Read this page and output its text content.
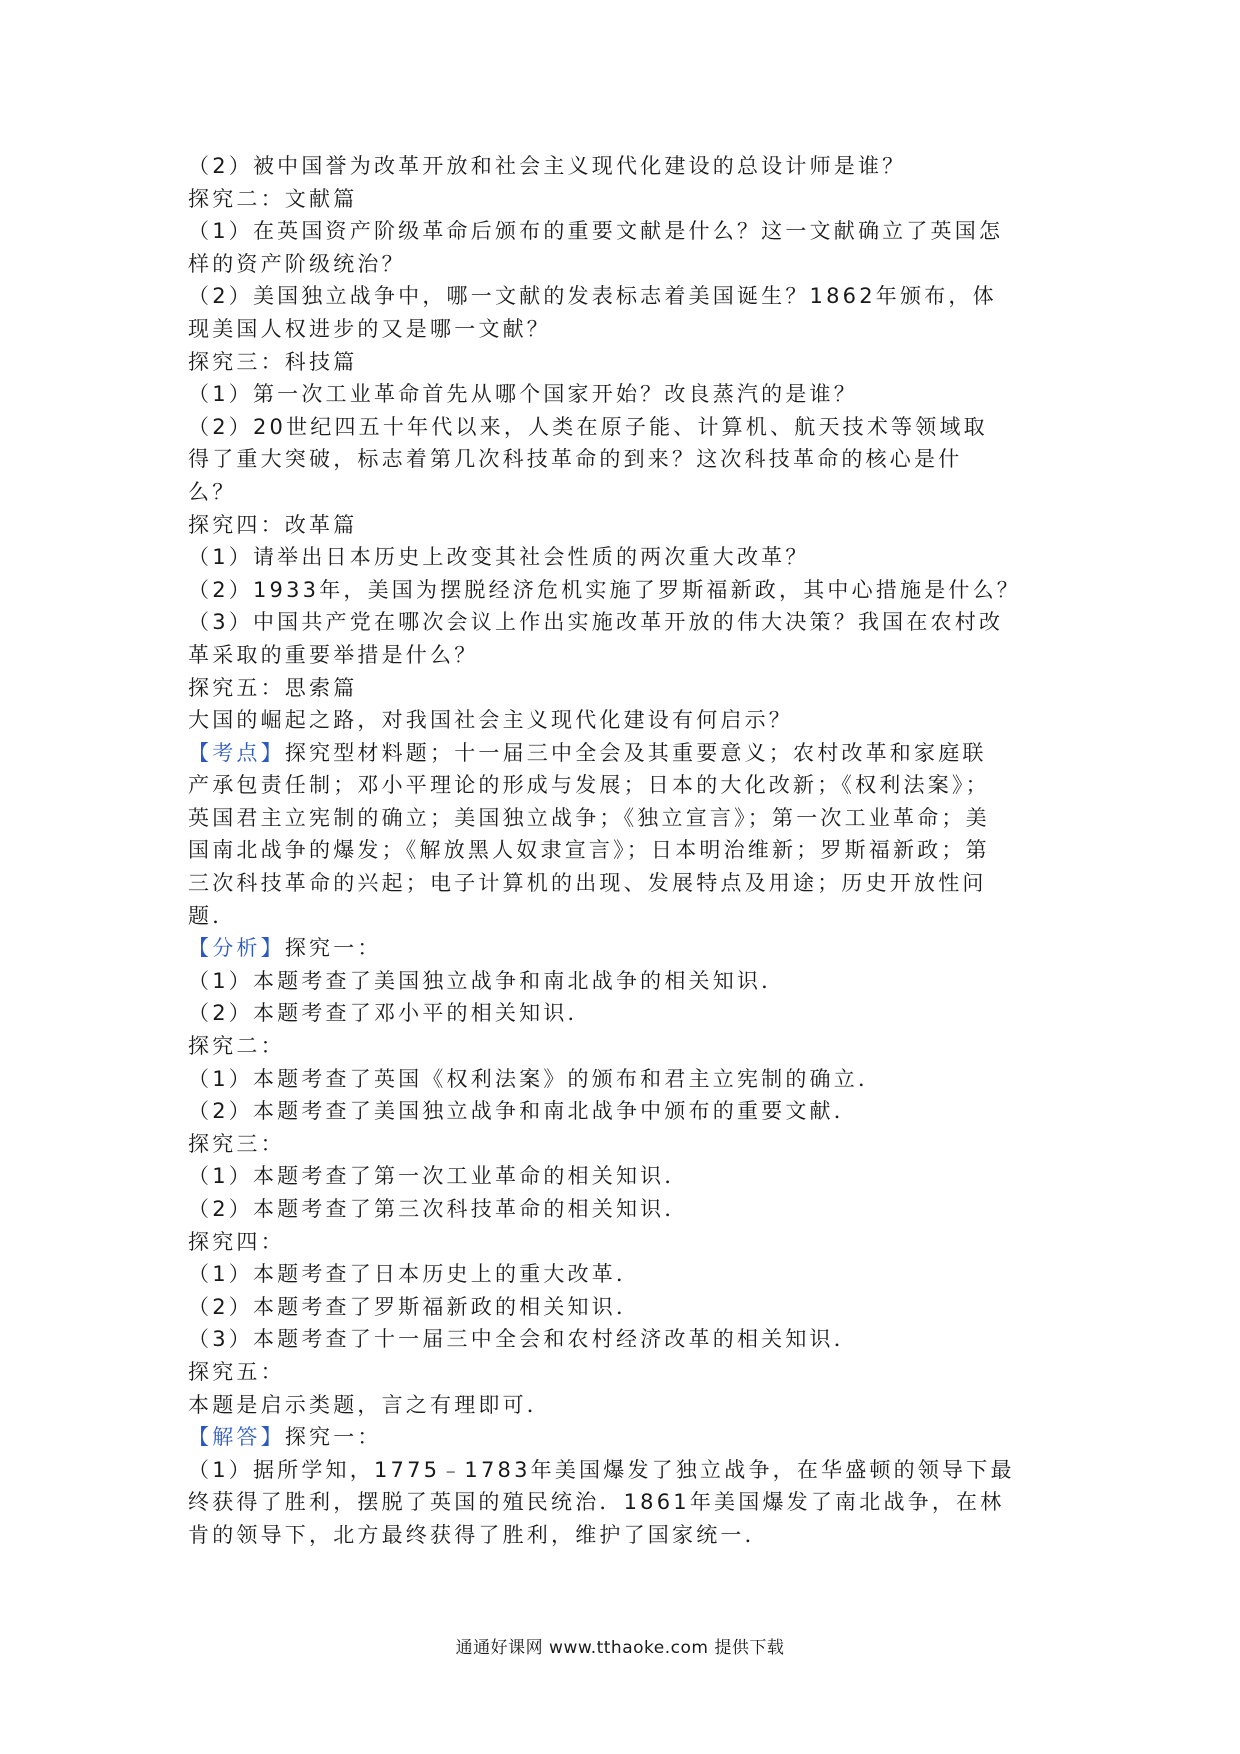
（2）被中国誉为改革开放和社会主义现代化建设的总设计师是谁？
探究二：文献篇
（1）在英国资产阶级革命后颁布的重要文献是什么？这一文献确立了英国怎
样的资产阶级统治？
（2）美国独立战争中，哪一文献的发表标志着美国诞生？1862年颁布，体
现美国人权进步的又是哪一文献？
探究三：科技篇
（1）第一次工业革命首先从哪个国家开始？改良蒸汽的是谁？
（2）20世纪四五十年代以来，人类在原子能、计算机、航天技术等领域取
得了重大突破，标志着第几次科技革命的到来？这次科技革命的核心是什
么？
探究四：改革篇
（1）请举出日本历史上改变其社会性质的两次重大改革？
（2）1933年，美国为摆脱经济危机实施了罗斯福新政，其中心措施是什么？
（3）中国共产党在哪次会议上作出实施改革开放的伟大决策？我国在农村改
革采取的重要举措是什么？
探究五：思索篇
大国的崛起之路，对我国社会主义现代化建设有何启示？
【考点】探究型材料题；十一届三中全会及其重要意义；农村改革和家庭联
产承包责任制；邓小平理论的形成与发展；日本的大化改新；《权利法案》；
英国君主立宪制的确立；美国独立战争；《独立宣言》；第一次工业革命；美
国南北战争的爆发；《解放黑人奴隶宣言》；日本明治维新；罗斯福新政；第
三次科技革命的兴起；电子计算机的出现、发展特点及用途；历史开放性问
题．
【分析】探究一：
（1）本题考查了美国独立战争和南北战争的相关知识．
（2）本题考查了邓小平的相关知识．
探究二：
（1）本题考查了英国《权利法案》的颁布和君主立宪制的确立．
（2）本题考查了美国独立战争和南北战争中颁布的重要文献．
探究三：
（1）本题考查了第一次工业革命的相关知识．
（2）本题考查了第三次科技革命的相关知识．
探究四：
（1）本题考查了日本历史上的重大改革．
（2）本题考查了罗斯福新政的相关知识．
（3）本题考查了十一届三中全会和农村经济改革的相关知识．
探究五：
本题是启示类题，言之有理即可．
【解答】探究一：
（1）据所学知，1775﹣1783年美国爆发了独立战争，在华盛顿的领导下最
终获得了胜利，摆脱了英国的殖民统治．1861年美国爆发了南北战争，在林
肯的领导下，北方最终获得了胜利，维护了国家统一．
通通好课网 www.tthaoke.com 提供下载
